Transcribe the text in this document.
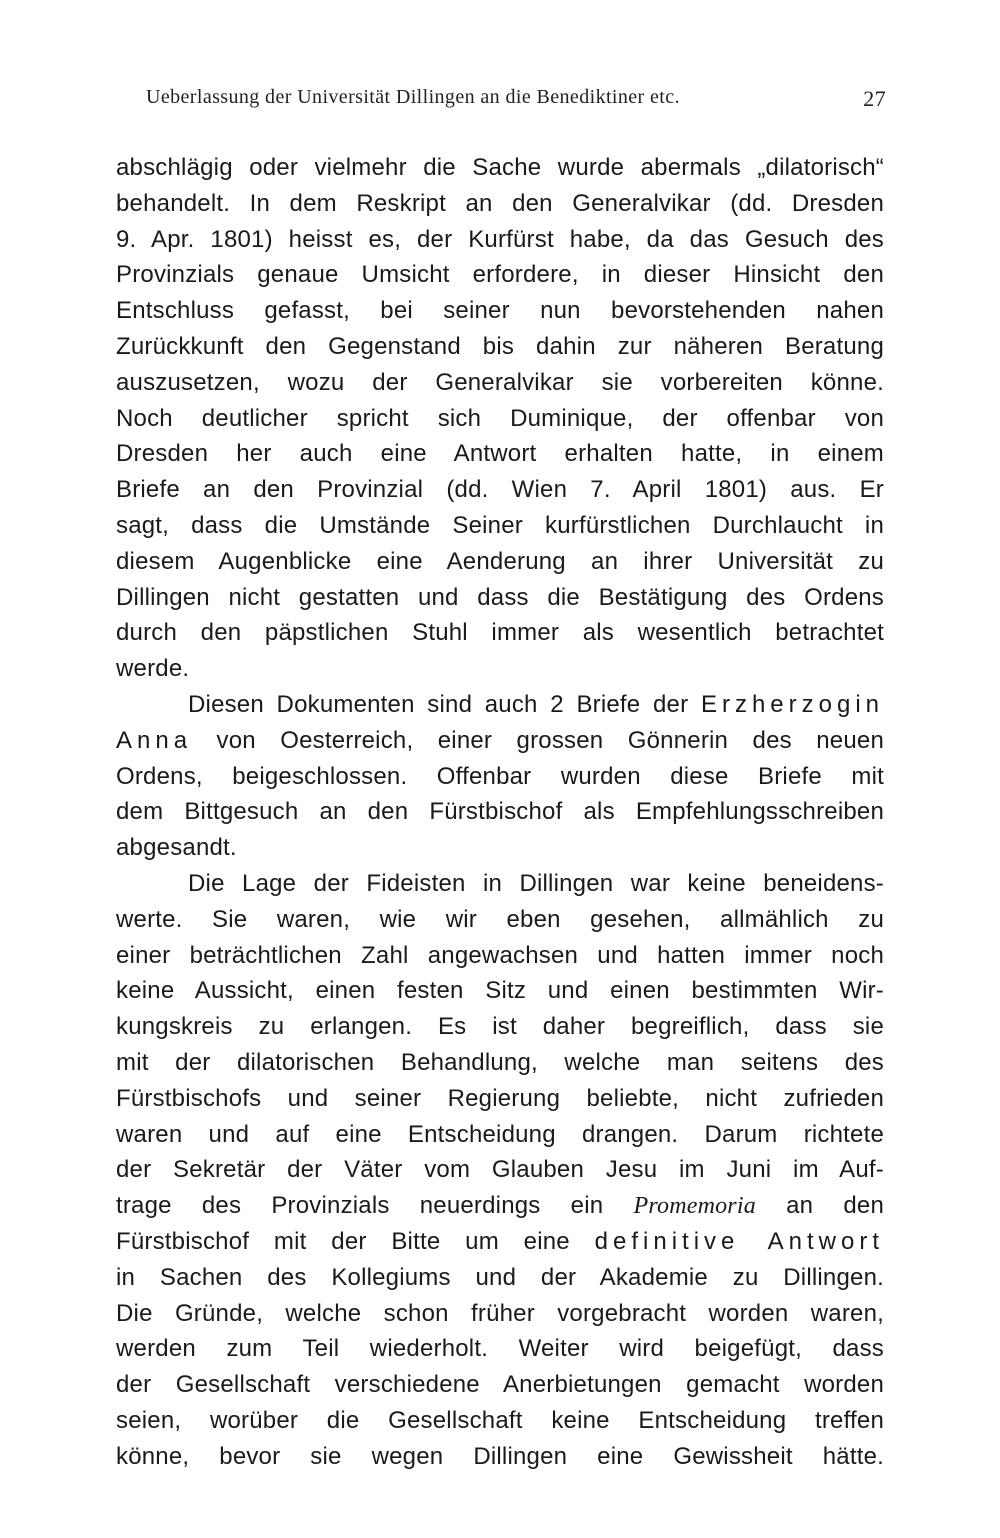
Ueberlassung der Universität Dillingen an die Benediktiner etc.	27
abschlägig oder vielmehr die Sache wurde abermals „dilatorisch“
behandelt. In dem Reskript an den Generalvikar (dd. Dresden
9. Apr. 1801) heisst es, der Kurfürst habe, da das Gesuch des
Provinzials genaue Umsicht erfordere, in dieser Hinsicht den
Entschluss gefasst, bei seiner nun bevorstehenden nahen
Zurückkunft den Gegenstand bis dahin zur näheren Beratung
auszusetzen, wozu der Generalvikar sie vorbereiten könne.
Noch deutlicher spricht sich Duminique, der offenbar von
Dresden her auch eine Antwort erhalten hatte, in einem
Briefe an den Provinzial (dd. Wien 7. April 1801) aus. Er
sagt, dass die Umstände Seiner kurfürstlichen Durchlaucht in
diesem Augenblicke eine Aenderung an ihrer Universität zu
Dillingen nicht gestatten und dass die Bestätigung des Ordens
durch den päpstlichen Stuhl immer als wesentlich betrachtet
werde.
Diesen Dokumenten sind auch 2 Briefe der Erzherzogin
Anna von Oesterreich, einer grossen Gönnerin des neuen
Ordens, beigeschlossen. Offenbar wurden diese Briefe mit
dem Bittgesuch an den Fürstbischof als Empfehlungsschreiben
abgesandt.
Die Lage der Fideisten in Dillingen war keine beneidens-
werte. Sie waren, wie wir eben gesehen, allmählich zu
einer beträchtlichen Zahl angewachsen und hatten immer noch
keine Aussicht, einen festen Sitz und einen bestimmten Wir-
kungskreis zu erlangen. Es ist daher begreiflich, dass sie
mit der dilatorischen Behandlung, welche man seitens des
Fürstbischofs und seiner Regierung beliebte, nicht zufrieden
waren und auf eine Entscheidung drangen. Darum richtete
der Sekretär der Väter vom Glauben Jesu im Juni im Auf-
trage des Provinzials neuerdings ein Promemoria an den
Fürstbischof mit der Bitte um eine definitive Antwort
in Sachen des Kollegiums und der Akademie zu Dillingen.
Die Gründe, welche schon früher vorgebracht worden waren,
werden zum Teil wiederholt. Weiter wird beigefügt, dass
der Gesellschaft verschiedene Anerbietungen gemacht worden
seien, worüber die Gesellschaft keine Entscheidung treffen
könne, bevor sie wegen Dillingen eine Gewissheit hätte.
